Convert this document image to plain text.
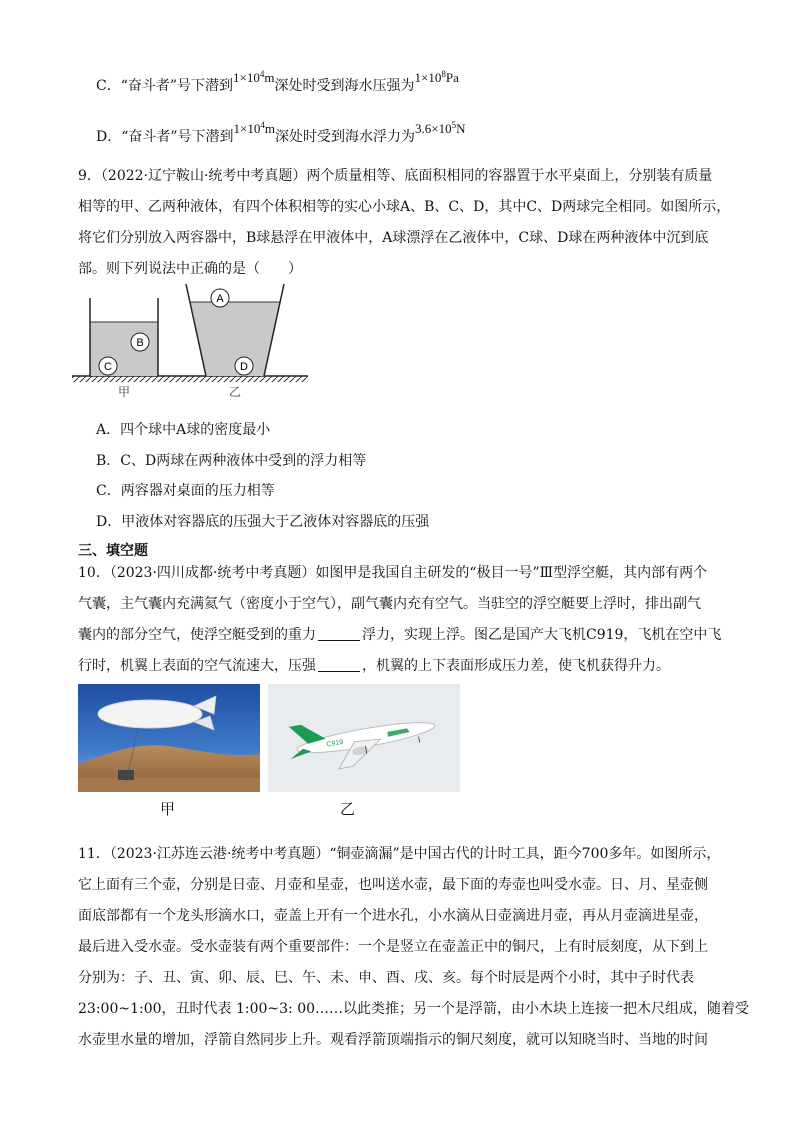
C．“奋斗者”号下潜到$1\times 10^4m$深处时受到海水压强为$1\times 10^8Pa$
D．“奋斗者”号下潜到$1\times 10^4m$深处时受到海水浮力为$3.6\times 10^5N$
9．（2022·辽宁鞍山·统考中考真题）两个质量相等、底面积相同的容器置于水平桌面上，分别装有质量
相等的甲、乙两种液体，有四个体积相等的实心小球A、B、C、D，其中C、D两球完全相同。如图所示，
将它们分别放入两容器中，B球悬浮在甲液体中，A球漂浮在乙液体中，C球、D球在两种液体中沉到底
部。则下列说法中正确的是（　　）
B
C
A
D
甲	乙
A．四个球中A球的密度最小
B．C、D两球在两种液体中受到的浮力相等
C．两容器对桌面的压力相等
D．甲液体对容器底的压强大于乙液体对容器底的压强
三、填空题
10．（2023·四川成都·统考中考真题）如图甲是我国自主研发的“极目一号”Ⅲ型浮空艇，其内部有两个
气囊，主气囊内充满氦气（密度小于空气），副气囊内充有空气。当驻空的浮空艇要上浮时，排出副气
囊内的部分空气，使浮空艇受到的重力	浮力，实现上浮。图乙是国产大飞机C919，飞机在空中飞
行时，机翼上表面的空气流速大，压强	，机翼的上下表面形成压力差，使飞机获得升力。
甲
C919
乙
11．（2023·江苏连云港·统考中考真题）“铜壶滴漏”是中国古代的计时工具，距今700多年。如图所示，
它上面有三个壶，分别是日壶、月壶和星壶，也叫送水壶，最下面的寿壶也叫受水壶。日、月、星壶侧
面底部都有一个龙头形滴水口，壶盖上开有一个进水孔，小水滴从日壶滴进月壶，再从月壶滴进星壶，
最后进入受水壶。受水壶装有两个重要部件：一个是竖立在壶盖正中的铜尺，上有时辰刻度，从下到上
分别为：子、丑、寅、卯、辰、巳、午、未、申、酉、戌、亥。每个时辰是两个小时，其中子时代表
23:00~1:00，丑时代表 1:00~3: 00……以此类推；另一个是浮箭，由小木块上连接一把木尺组成，随着受
水壶里水量的增加，浮箭自然同步上升。观看浮箭顶端指示的铜尺刻度，就可以知晓当时、当地的时间
